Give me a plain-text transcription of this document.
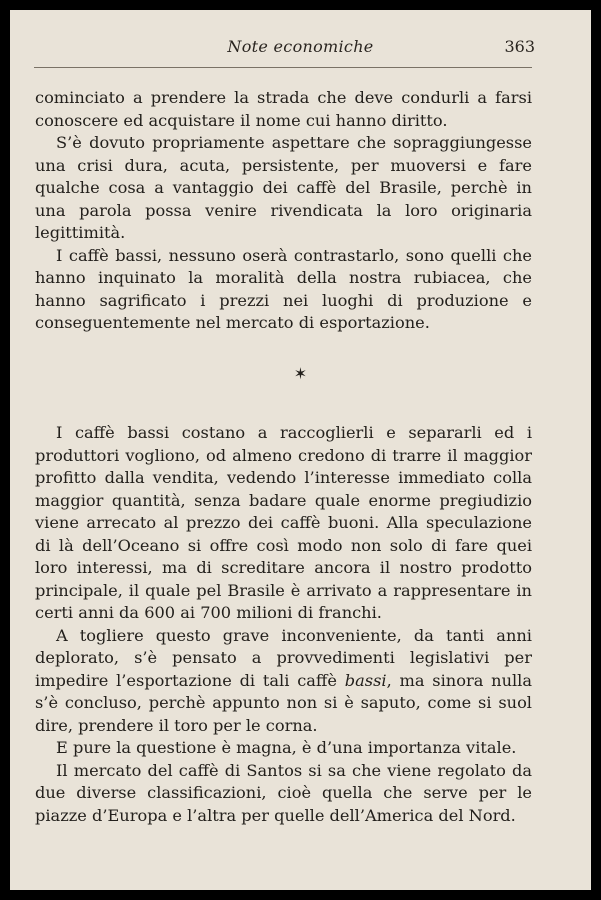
Note economiche	363

cominciato a prendere la strada che deve condurli a farsi conoscere ed acquistare il nome cui hanno diritto.

S’è dovuto propriamente aspettare che sopraggiungesse una crisi dura, acuta, persistente, per muoversi e fare qualche cosa a vantaggio dei caffè del Brasile, perchè in una parola possa venire rivendicata la loro originaria legittimità.

I caffè bassi, nessuno oserà contrastarlo, sono quelli che hanno inquinato la moralità della nostra rubiacea, che hanno sagrificato i prezzi nei luoghi di produzione e conseguentemente nel mercato di esportazione.

✶

I caffè bassi costano a raccoglierli e separarli ed i produttori vogliono, od almeno credono di trarre il maggior profitto dalla vendita, vedendo l’interesse immediato colla maggior quantità, senza badare quale enorme pregiudizio viene arrecato al prezzo dei caffè buoni. Alla speculazione di là dell’Oceano si offre così modo non solo di fare quei loro interessi, ma di screditare ancora il nostro prodotto principale, il quale pel Brasile è arrivato a rappresentare in certi anni da 600 ai 700 milioni di franchi.

A togliere questo grave inconveniente, da tanti anni deplorato, s’è pensato a provvedimenti legislativi per impedire l’esportazione di tali caffè bassi, ma sinora nulla s’è concluso, perchè appunto non si è saputo, come si suol dire, prendere il toro per le corna.

E pure la questione è magna, è d’una importanza vitale.

Il mercato del caffè di Santos si sa che viene regolato da due diverse classificazioni, cioè quella che serve per le piazze d’Europa e l’altra per quelle dell’America del Nord.
